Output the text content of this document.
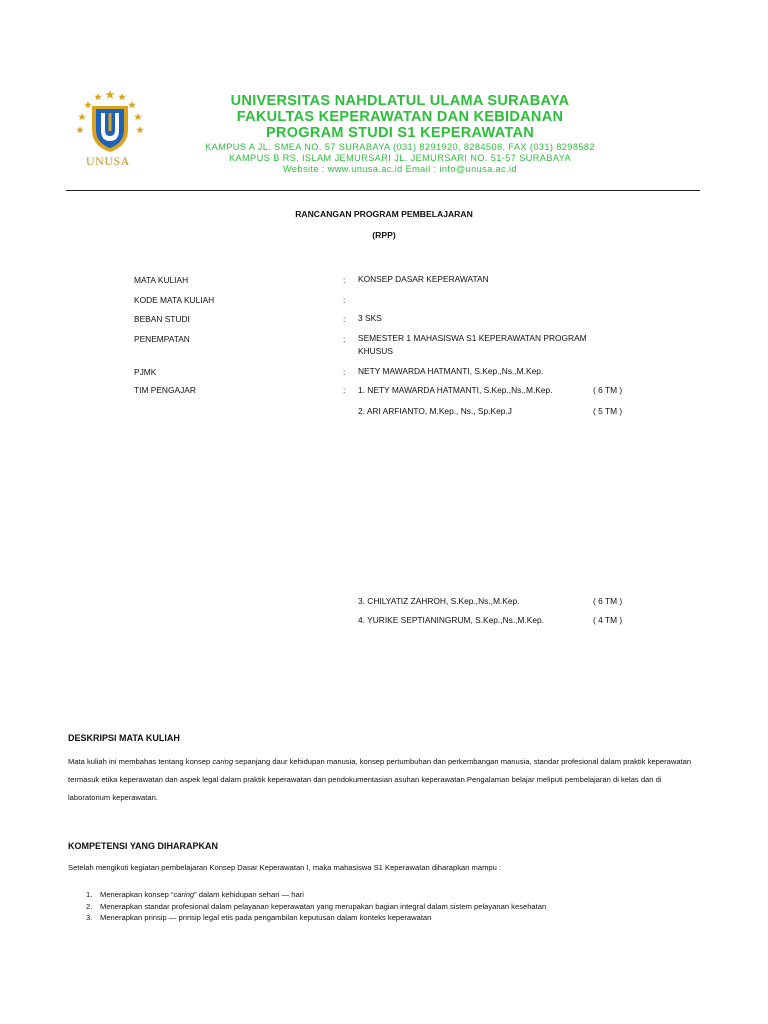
UNUSA
UNIVERSITAS NAHDLATUL ULAMA SURABAYA
FAKULTAS KEPERAWATAN DAN KEBIDANAN
PROGRAM STUDI S1 KEPERAWATAN
KAMPUS A JL. SMEA NO. 57 SURABAYA (031) 8291920, 8284508, FAX (031) 8298582
KAMPUS B RS. ISLAM JEMURSARI JL. JEMURSARI NO. 51-57 SURABAYA
Website : www.unusa.ac.id Email : info@unusa.ac.id
RANCANGAN PROGRAM PEMBELAJARAN
(RPP)
MATA KULIAH	: KONSEP DASAR KEPERAWATAN
KODE MATA KULIAH	:
BEBAN STUDI	: 3 SKS
PENEMPATAN	: SEMESTER 1 MAHASISWA S1 KEPERAWATAN PROGRAM KHUSUS
PJMK	: NETY MAWARDA HATMANTI, S.Kep.,Ns.,M.Kep.
TIM PENGAJAR	: 1. NETY MAWARDA HATMANTI, S.Kep.,Ns.,M.Kep.	( 6 TM )
2. ARI ARFIANTO, M.Kep., Ns., Sp.Kep.J	( 5 TM )
3. CHILYATIZ ZAHROH, S.Kep.,Ns.,M.Kep.	( 6 TM )
4. YURIKE SEPTIANINGRUM, S.Kep.,Ns.,M.Kep.	( 4 TM )
DESKRIPSI MATA KULIAH
Mata kuliah ini membahas tentang konsep caring sepanjang daur kehidupan manusia, konsep pertumbuhan dan perkembangan manusia, standar profesional dalam praktik keperawatan termasuk etika keperawatan dan aspek legal dalam praktik keperawatan dan pendokumentasian asuhan keperawatan.Pengalaman belajar meliputi pembelajaran di kelas dan di laboratorium keperawatan.
KOMPETENSI YANG DIHARAPKAN
Setelah mengikuti kegiatan pembelajaran Konsep Dasar Keperawatan I, maka mahasiswa S1 Keperawatan diharapkan mampu :
1. Menerapkan konsep “caring” dalam kehidupan sehari — hari
2. Menerapkan standar profesional dalam pelayanan keperawatan yang merupakan bagian integral dalam sistem pelayanan kesehatan
3. Menerapkan prinsip — prinsip legal etis pada pengambilan keputusan dalam konteks keperawatan
